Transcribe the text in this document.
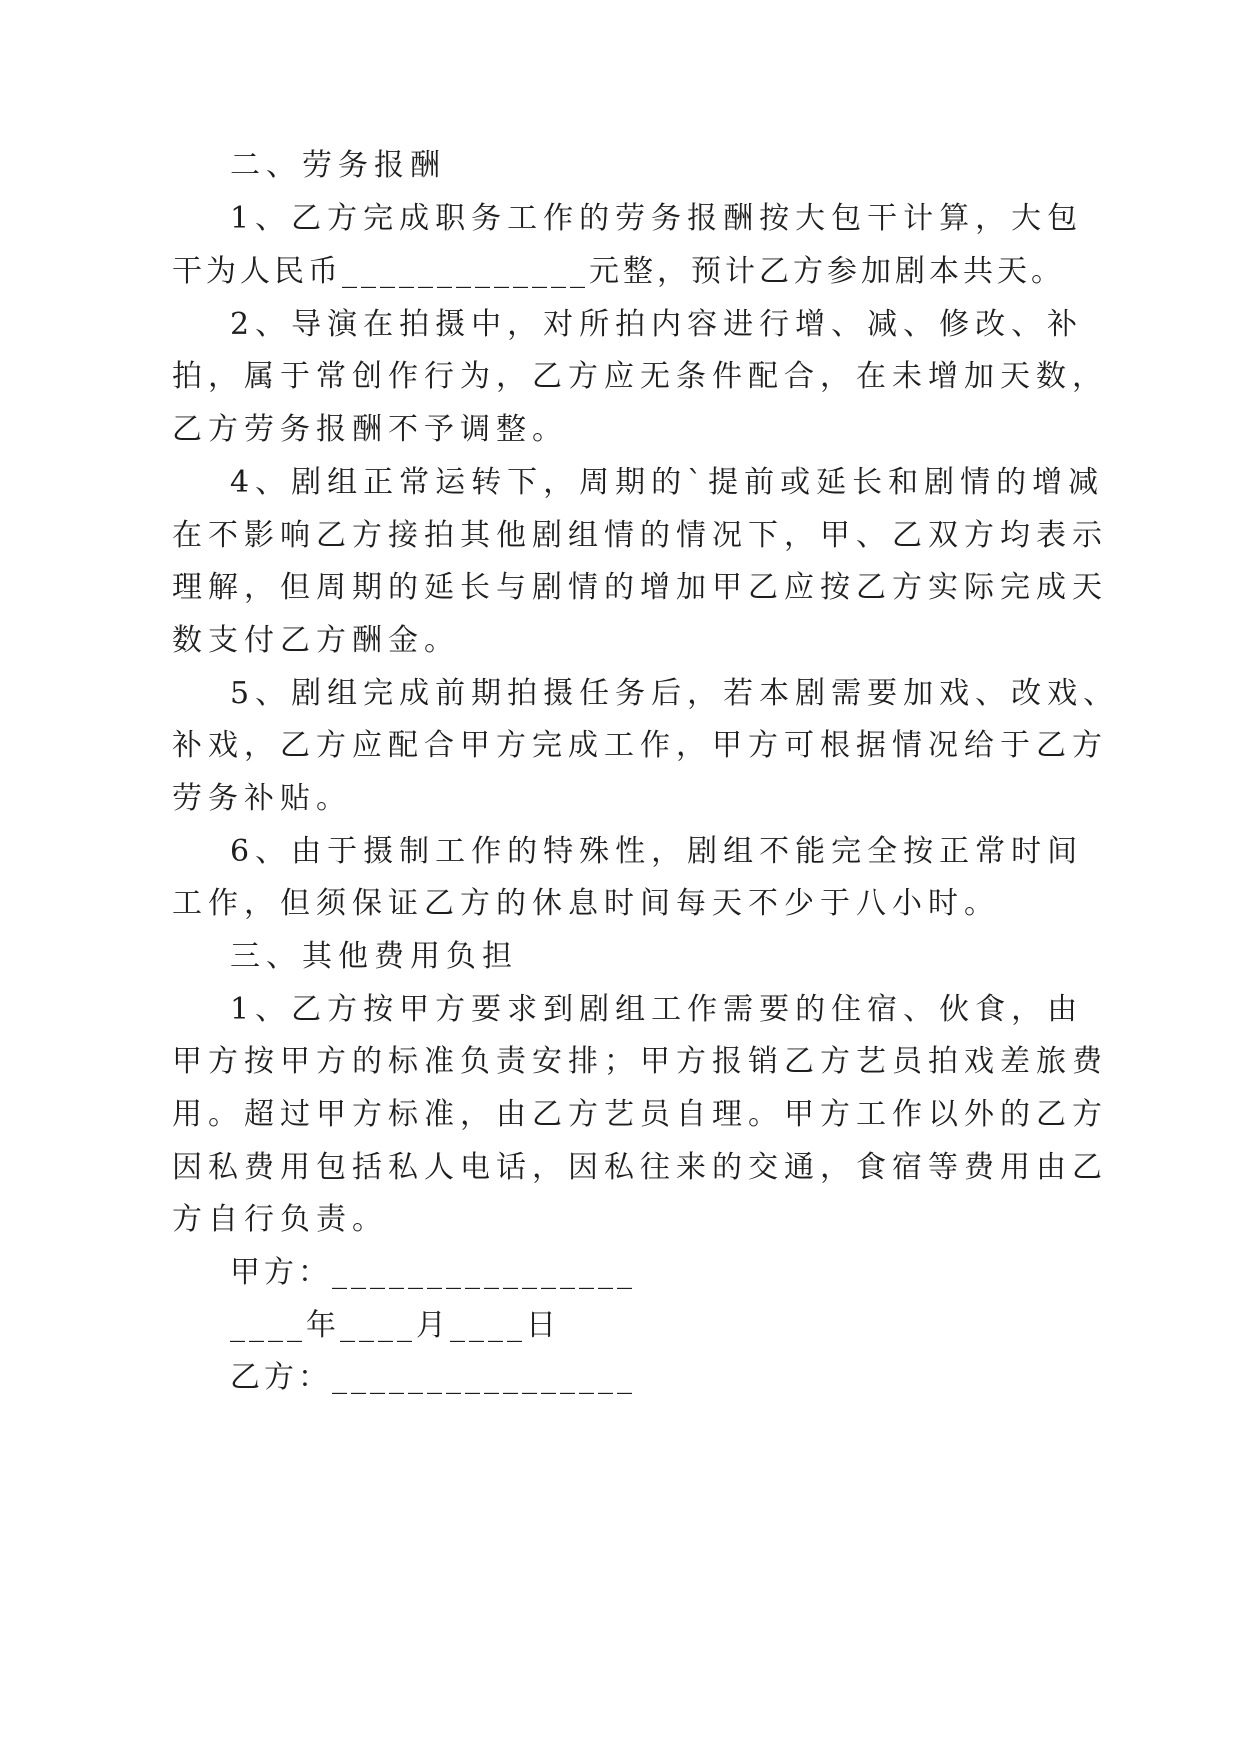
二、劳务报酬
1、乙方完成职务工作的劳务报酬按大包干计算，大包
干为人民币_____________元整，预计乙方参加剧本共天。
2、导演在拍摄中，对所拍内容进行增、减、修改、补
拍，属于常创作行为，乙方应无条件配合，在未增加天数，
乙方劳务报酬不予调整。
4、剧组正常运转下，周期的`提前或延长和剧情的增减
在不影响乙方接拍其他剧组情的情况下，甲、乙双方均表示
理解，但周期的延长与剧情的增加甲乙应按乙方实际完成天
数支付乙方酬金。
5、剧组完成前期拍摄任务后，若本剧需要加戏、改戏、
补戏，乙方应配合甲方完成工作，甲方可根据情况给于乙方
劳务补贴。
6、由于摄制工作的特殊性，剧组不能完全按正常时间
工作，但须保证乙方的休息时间每天不少于八小时。
三、其他费用负担
1、乙方按甲方要求到剧组工作需要的住宿、伙食，由
甲方按甲方的标准负责安排；甲方报销乙方艺员拍戏差旅费
用。超过甲方标准，由乙方艺员自理。甲方工作以外的乙方
因私费用包括私人电话，因私往来的交通，食宿等费用由乙
方自行负责。
甲方：________________
____年____月____日
乙方：________________
